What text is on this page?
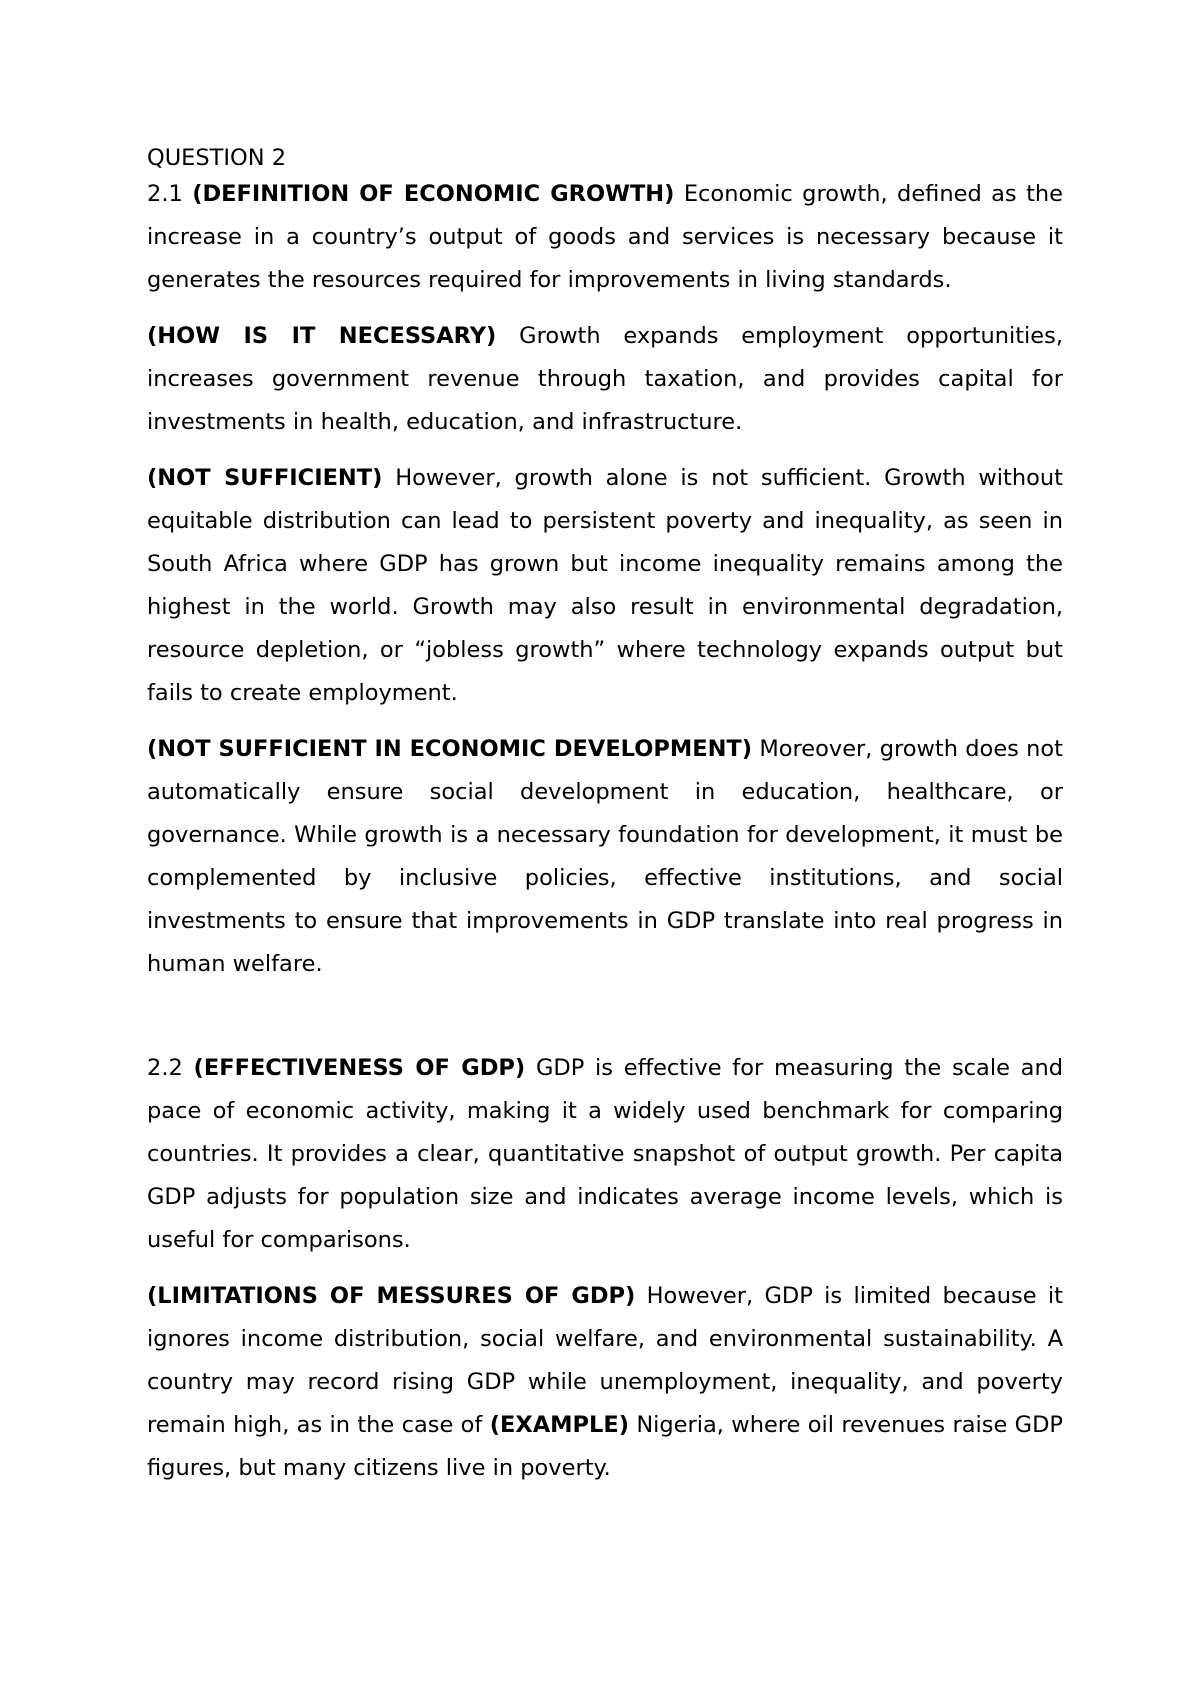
QUESTION 2

2.1 (DEFINITION OF ECONOMIC GROWTH) Economic growth, defined as the increase in a country’s output of goods and services is necessary because it generates the resources required for improvements in living standards.

(HOW IS IT NECESSARY) Growth expands employment opportunities, increases government revenue through taxation, and provides capital for investments in health, education, and infrastructure.

(NOT SUFFICIENT) However, growth alone is not sufficient. Growth without equitable distribution can lead to persistent poverty and inequality, as seen in South Africa where GDP has grown but income inequality remains among the highest in the world. Growth may also result in environmental degradation, resource depletion, or “jobless growth” where technology expands output but fails to create employment.

(NOT SUFFICIENT IN ECONOMIC DEVELOPMENT) Moreover, growth does not automatically ensure social development in education, healthcare, or governance. While growth is a necessary foundation for development, it must be complemented by inclusive policies, effective institutions, and social investments to ensure that improvements in GDP translate into real progress in human welfare.

2.2 (EFFECTIVENESS OF GDP) GDP is effective for measuring the scale and pace of economic activity, making it a widely used benchmark for comparing countries. It provides a clear, quantitative snapshot of output growth. Per capita GDP adjusts for population size and indicates average income levels, which is useful for comparisons.

(LIMITATIONS OF MESSURES OF GDP) However, GDP is limited because it ignores income distribution, social welfare, and environmental sustainability. A country may record rising GDP while unemployment, inequality, and poverty remain high, as in the case of (EXAMPLE) Nigeria, where oil revenues raise GDP figures, but many citizens live in poverty.
